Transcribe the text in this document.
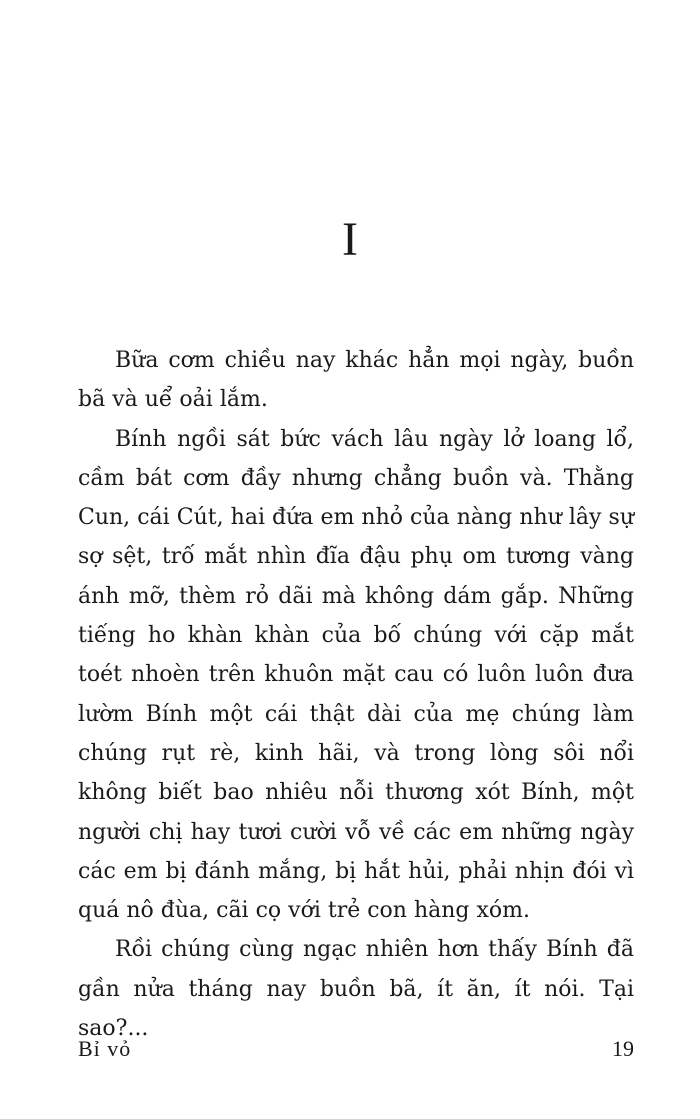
I

Bữa cơm chiều nay khác hẳn mọi ngày, buồn bã và uể oải lắm.

Bính ngồi sát bức vách lâu ngày lở loang lổ, cầm bát cơm đầy nhưng chẳng buồn và. Thằng Cun, cái Cút, hai đứa em nhỏ của nàng như lây sự sợ sệt, trố mắt nhìn đĩa đậu phụ om tương vàng ánh mỡ, thèm rỏ dãi mà không dám gắp. Những tiếng ho khàn khàn của bố chúng với cặp mắt toét nhoèn trên khuôn mặt cau có luôn luôn đưa lườm Bính một cái thật dài của mẹ chúng làm chúng rụt rè, kinh hãi, và trong lòng sôi nổi không biết bao nhiêu nỗi thương xót Bính, một người chị hay tươi cười vỗ về các em những ngày các em bị đánh mắng, bị hắt hủi, phải nhịn đói vì quá nô đùa, cãi cọ với trẻ con hàng xóm.

Rồi chúng cùng ngạc nhiên hơn thấy Bính đã gần nửa tháng nay buồn bã, ít ăn, ít nói. Tại sao?...

Bỉ vỏ	19
